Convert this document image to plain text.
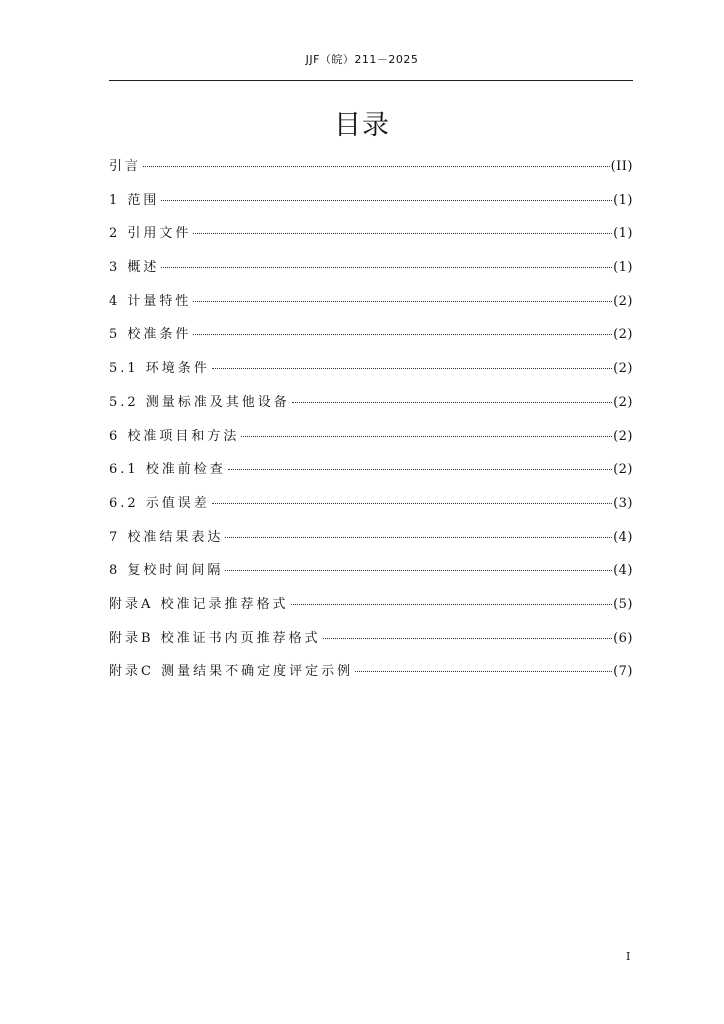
JJF（皖）211－2025
目录
引言	(II)
1 范围	(1)
2 引用文件	(1)
3 概述	(1)
4 计量特性	(2)
5 校准条件	(2)
5.1 环境条件	(2)
5.2 测量标准及其他设备	(2)
6 校准项目和方法	(2)
6.1 校准前检查	(2)
6.2 示值误差	(3)
7 校准结果表达	(4)
8 复校时间间隔	(4)
附录A 校准记录推荐格式	(5)
附录B 校准证书内页推荐格式	(6)
附录C 测量结果不确定度评定示例	(7)
I
